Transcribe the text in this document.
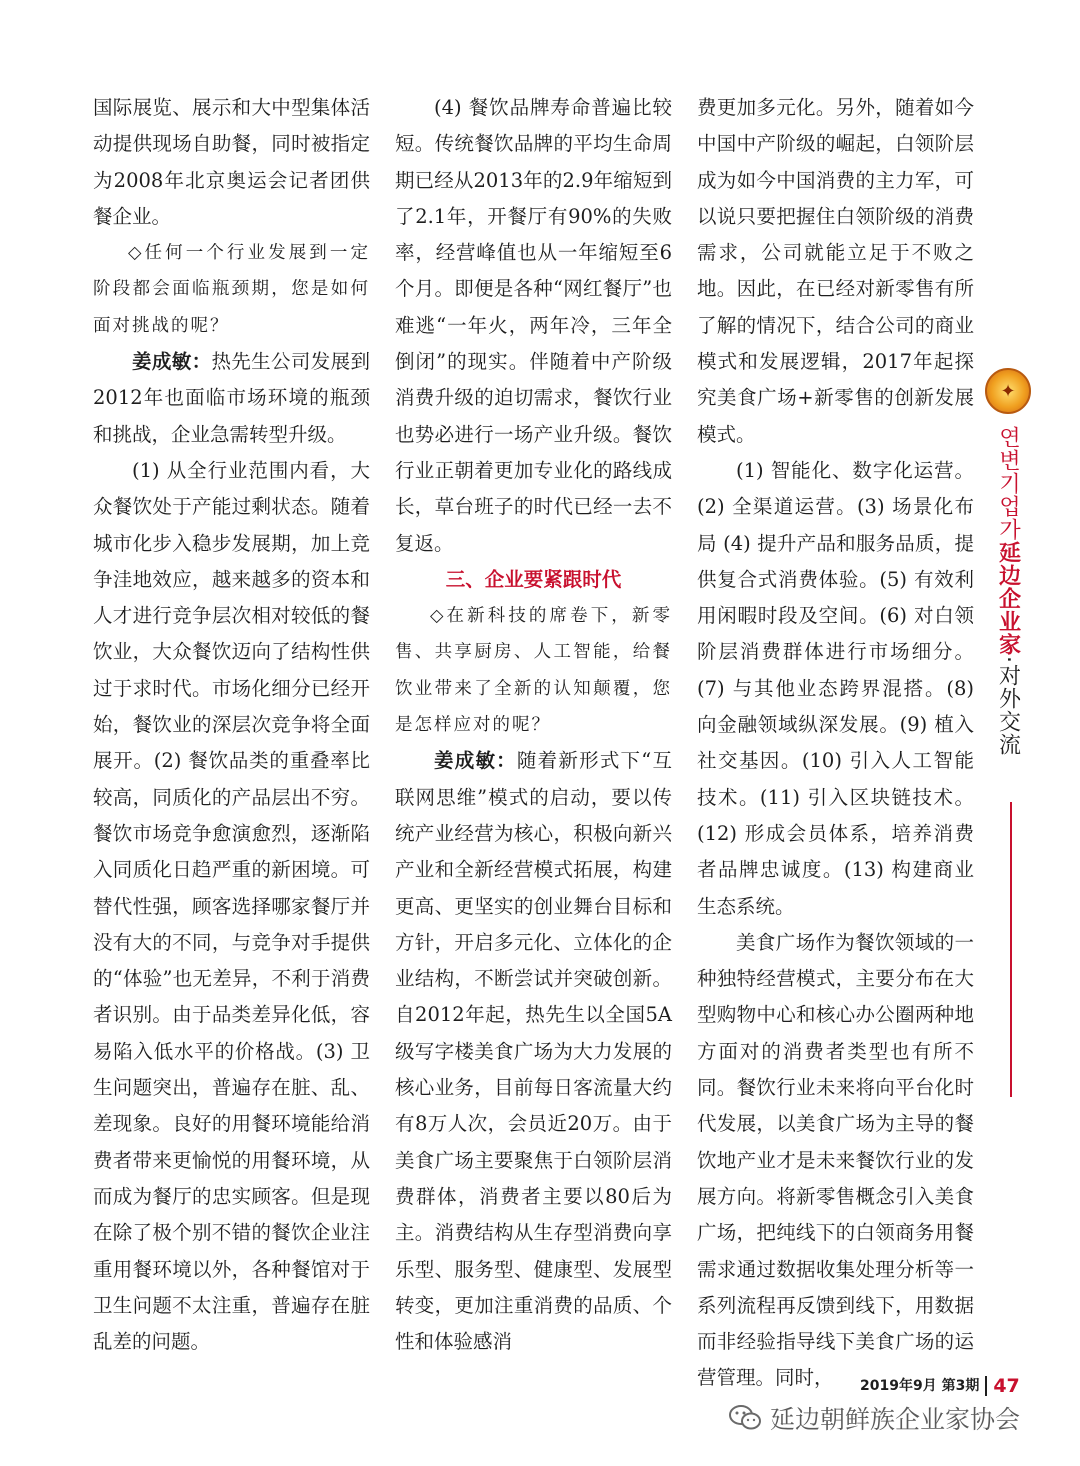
国际展览、展示和大中型集体活动提供现场自助餐，同时被指定为2008年北京奥运会记者团供餐企业。

◇任何一个行业发展到一定阶段都会面临瓶颈期，您是如何面对挑战的呢？

姜成敏：热先生公司发展到2012年也面临市场环境的瓶颈和挑战，企业急需转型升级。

(1) 从全行业范围内看，大众餐饮处于产能过剩状态。随着城市化步入稳步发展期，加上竞争洼地效应，越来越多的资本和人才进行竞争层次相对较低的餐饮业，大众餐饮迈向了结构性供过于求时代。市场化细分已经开始，餐饮业的深层次竞争将全面展开。(2) 餐饮品类的重叠率比较高，同质化的产品层出不穷。餐饮市场竞争愈演愈烈，逐渐陷入同质化日趋严重的新困境。可替代性强，顾客选择哪家餐厅并没有大的不同，与竞争对手提供的“体验”也无差异，不利于消费者识别。由于品类差异化低，容易陷入低水平的价格战。(3) 卫生问题突出，普遍存在脏、乱、差现象。良好的用餐环境能给消费者带来更愉悦的用餐环境，从而成为餐厅的忠实顾客。但是现在除了极个别不错的餐饮企业注重用餐环境以外，各种餐馆对于卫生问题不太注重，普遍存在脏乱差的问题。

(4) 餐饮品牌寿命普遍比较短。传统餐饮品牌的平均生命周期已经从2013年的2.9年缩短到了2.1年，开餐厅有90%的失败率，经营峰值也从一年缩短至6个月。即便是各种“网红餐厅”也难逃“一年火，两年冷，三年全倒闭”的现实。伴随着中产阶级消费升级的迫切需求，餐饮行业也势必进行一场产业升级。餐饮行业正朝着更加专业化的路线成长，草台班子的时代已经一去不复返。

三、企业要紧跟时代

◇在新科技的席卷下，新零售、共享厨房、人工智能，给餐饮业带来了全新的认知颠覆，您是怎样应对的呢？

姜成敏：随着新形式下“互联网思维”模式的启动，要以传统产业经营为核心，积极向新兴产业和全新经营模式拓展，构建更高、更坚实的创业舞台目标和方针，开启多元化、立体化的企业结构，不断尝试并突破创新。自2012年起，热先生以全国5A级写字楼美食广场为大力发展的核心业务，目前每日客流量大约有8万人次，会员近20万。由于美食广场主要聚焦于白领阶层消费群体，消费者主要以80后为主。消费结构从生存型消费向享乐型、服务型、健康型、发展型转变，更加注重消费的品质、个性和体验感消

费更加多元化。另外，随着如今中国中产阶级的崛起，白领阶层成为如今中国消费的主力军，可以说只要把握住白领阶级的消费需求，公司就能立足于不败之地。因此，在已经对新零售有所了解的情况下，结合公司的商业模式和发展逻辑，2017年起探究美食广场+新零售的创新发展模式。

(1) 智能化、数字化运营。(2) 全渠道运营。(3) 场景化布局 (4) 提升产品和服务品质，提供复合式消费体验。(5) 有效利用闲暇时段及空间。(6) 对白领阶层消费群体进行市场细分。(7) 与其他业态跨界混搭。(8) 向金融领域纵深发展。(9) 植入社交基因。(10) 引入人工智能技术。(11) 引入区块链技术。(12) 形成会员体系，培养消费者品牌忠诚度。(13) 构建商业生态系统。

美食广场作为餐饮领域的一种独特经营模式，主要分布在大型购物中心和核心办公圈两种地方面对的消费者类型也有所不同。餐饮行业未来将向平台化时代发展，以美食广场为主导的餐饮地产业才是未来餐饮行业的发展方向。将新零售概念引入美食广场，把纯线下的白领商务用餐需求通过数据收集处理分析等一系列流程再反馈到线下，用数据而非经验指导线下美食广场的运营管理。同时，

✦
연변기업가
延边企业家
·
对外交流
2019年9月 第3期 47
延边朝鲜族企业家协会
